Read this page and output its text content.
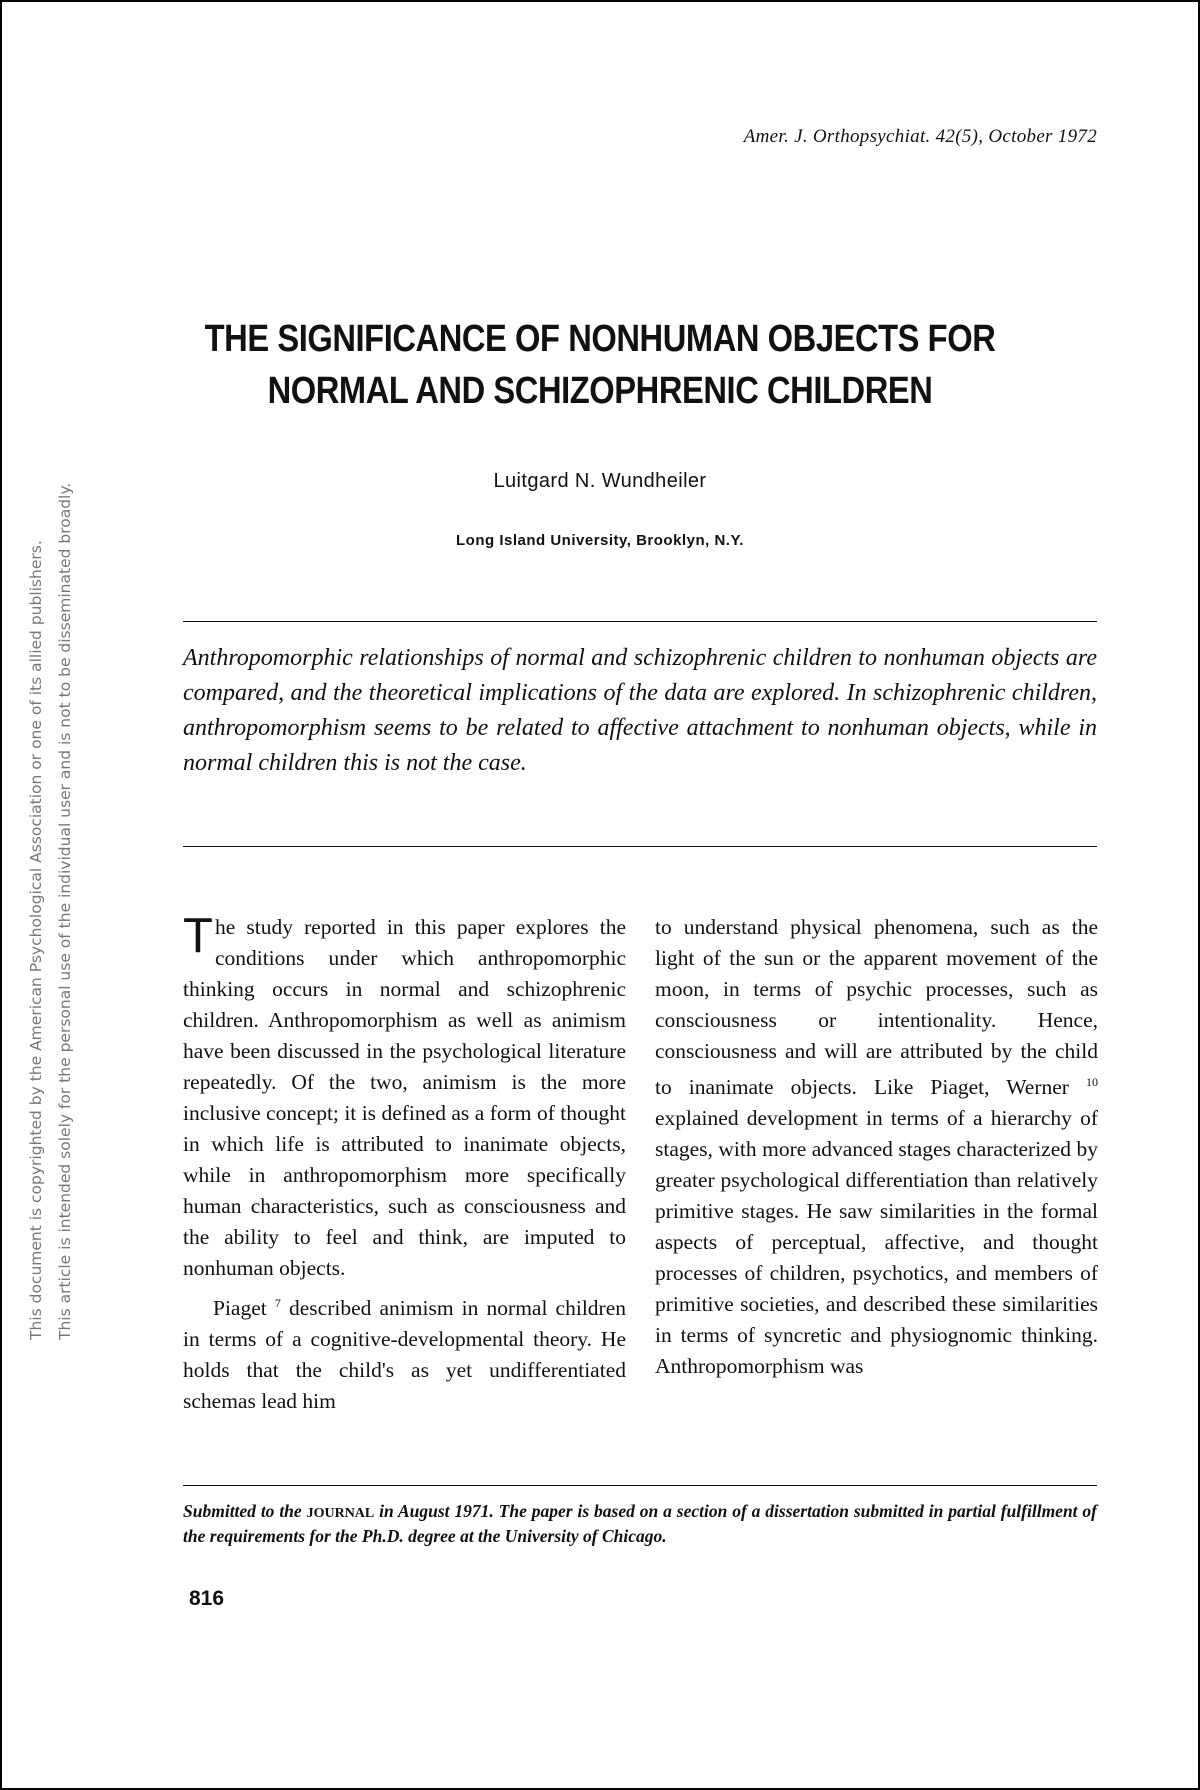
This document is copyrighted by the American Psychological Association or one of its allied publishers. This article is intended solely for the personal use of the individual user and is not to be disseminated broadly.
Amer. J. Orthopsychiat. 42(5), October 1972
THE SIGNIFICANCE OF NONHUMAN OBJECTS FOR
NORMAL AND SCHIZOPHRENIC CHILDREN
Luitgard N. Wundheiler
Long Island University, Brooklyn, N.Y.
Anthropomorphic relationships of normal and schizophrenic children to nonhuman objects are compared, and the theoretical implications of the data are explored. In schizophrenic children, anthropomorphism seems to be related to affective attachment to nonhuman objects, while in normal children this is not the case.

The study reported in this paper explores the conditions under which anthropomorphic thinking occurs in normal and schizophrenic children. Anthropomorphism as well as animism have been discussed in the psychological literature repeatedly. Of the two, animism is the more inclusive concept; it is defined as a form of thought in which life is attributed to inanimate objects, while in anthropomorphism more specifically human characteristics, such as consciousness and the ability to feel and think, are imputed to nonhuman objects.

Piaget $^7$ described animism in normal children in terms of a cognitive-developmental theory. He holds that the child's as yet undifferentiated schemas lead him

to understand physical phenomena, such as the light of the sun or the apparent movement of the moon, in terms of psychic processes, such as consciousness or intentionality. Hence, consciousness and will are attributed by the child to inanimate objects. Like Piaget, Werner $^{10}$ explained development in terms of a hierarchy of stages, with more advanced stages characterized by greater psychological differentiation than relatively primitive stages. He saw similarities in the formal aspects of perceptual, affective, and thought processes of children, psychotics, and members of primitive societies, and described these similarities in terms of syncretic and physiognomic thinking. Anthropomorphism was

Submitted to the JOURNAL in August 1971. The paper is based on a section of a dissertation submitted in partial fulfillment of the requirements for the Ph.D. degree at the University of Chicago.
816
